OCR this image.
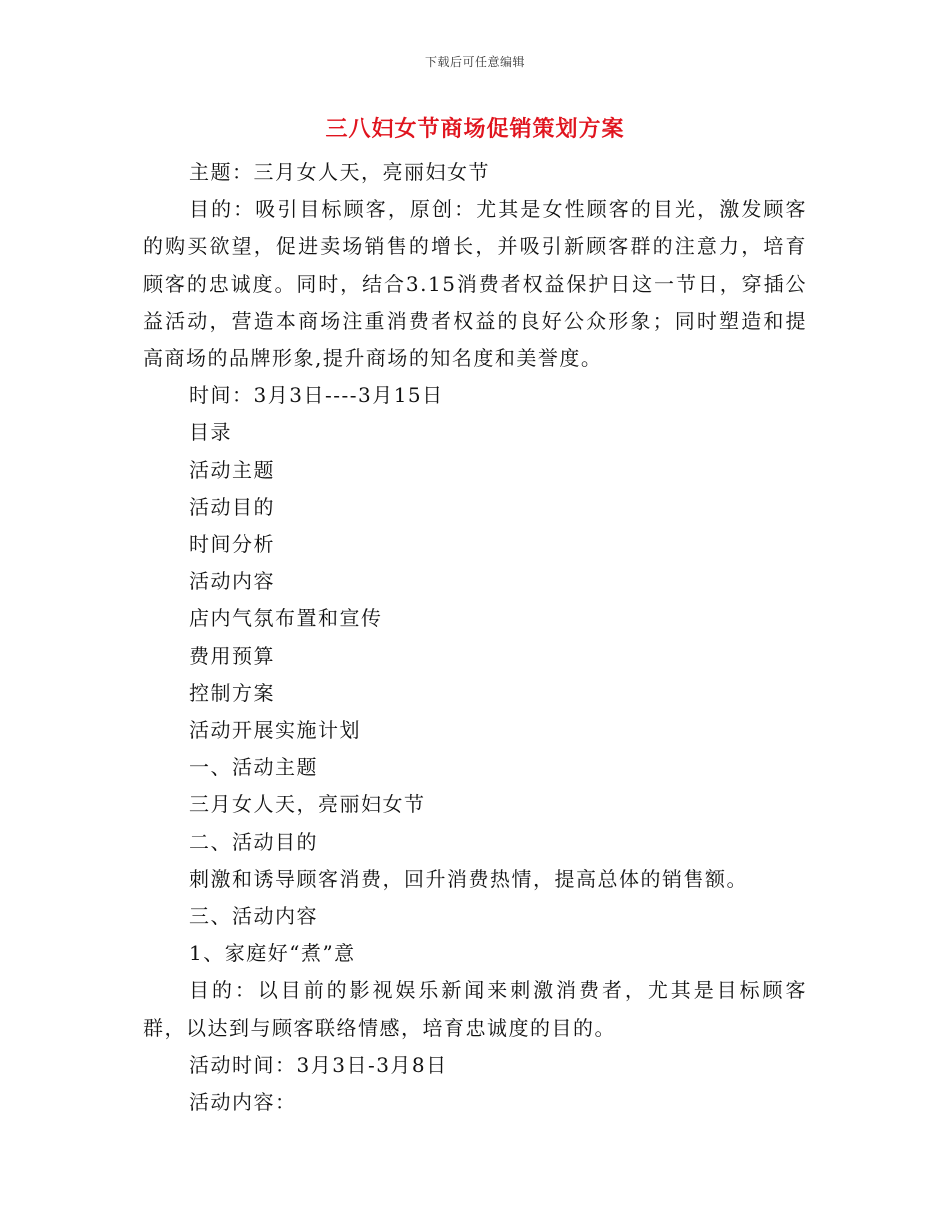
下载后可任意编辑
三八妇女节商场促销策划方案

主题：三月女人天，亮丽妇女节

目的：吸引目标顾客，原创：尤其是女性顾客的目光，激发顾客的购买欲望，促进卖场销售的增长，并吸引新顾客群的注意力，培育顾客的忠诚度。同时，结合3.15消费者权益保护日这一节日，穿插公益活动，营造本商场注重消费者权益的良好公众形象；同时塑造和提高商场的品牌形象,提升商场的知名度和美誉度。

时间：3月3日----3月15日

目录

活动主题

活动目的

时间分析

活动内容

店内气氛布置和宣传

费用预算

控制方案

活动开展实施计划

一、活动主题

三月女人天，亮丽妇女节

二、活动目的

刺激和诱导顾客消费，回升消费热情，提高总体的销售额。

三、活动内容

1、家庭好“煮”意

目的：以目前的影视娱乐新闻来刺激消费者，尤其是目标顾客群，以达到与顾客联络情感，培育忠诚度的目的。

活动时间：3月3日-3月8日

活动内容：
